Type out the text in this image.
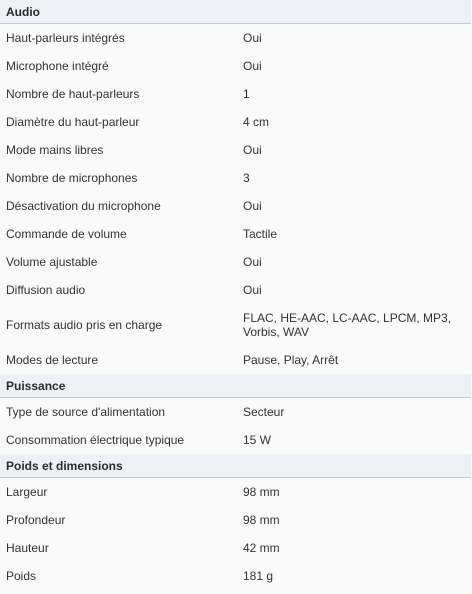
Audio
Haut-parleurs intégrés	Oui
Microphone intégré	Oui
Nombre de haut-parleurs	1
Diamètre du haut-parleur	4 cm
Mode mains libres	Oui
Nombre de microphones	3
Désactivation du microphone	Oui
Commande de volume	Tactile
Volume ajustable	Oui
Diffusion audio	Oui
Formats audio pris en charge	FLAC, HE-AAC, LC-AAC, LPCM, MP3, Vorbis, WAV
Modes de lecture	Pause, Play, Arrêt
Puissance
Type de source d'alimentation	Secteur
Consommation électrique typique	15 W
Poids et dimensions
Largeur	98 mm
Profondeur	98 mm
Hauteur	42 mm
Poids	181 g
